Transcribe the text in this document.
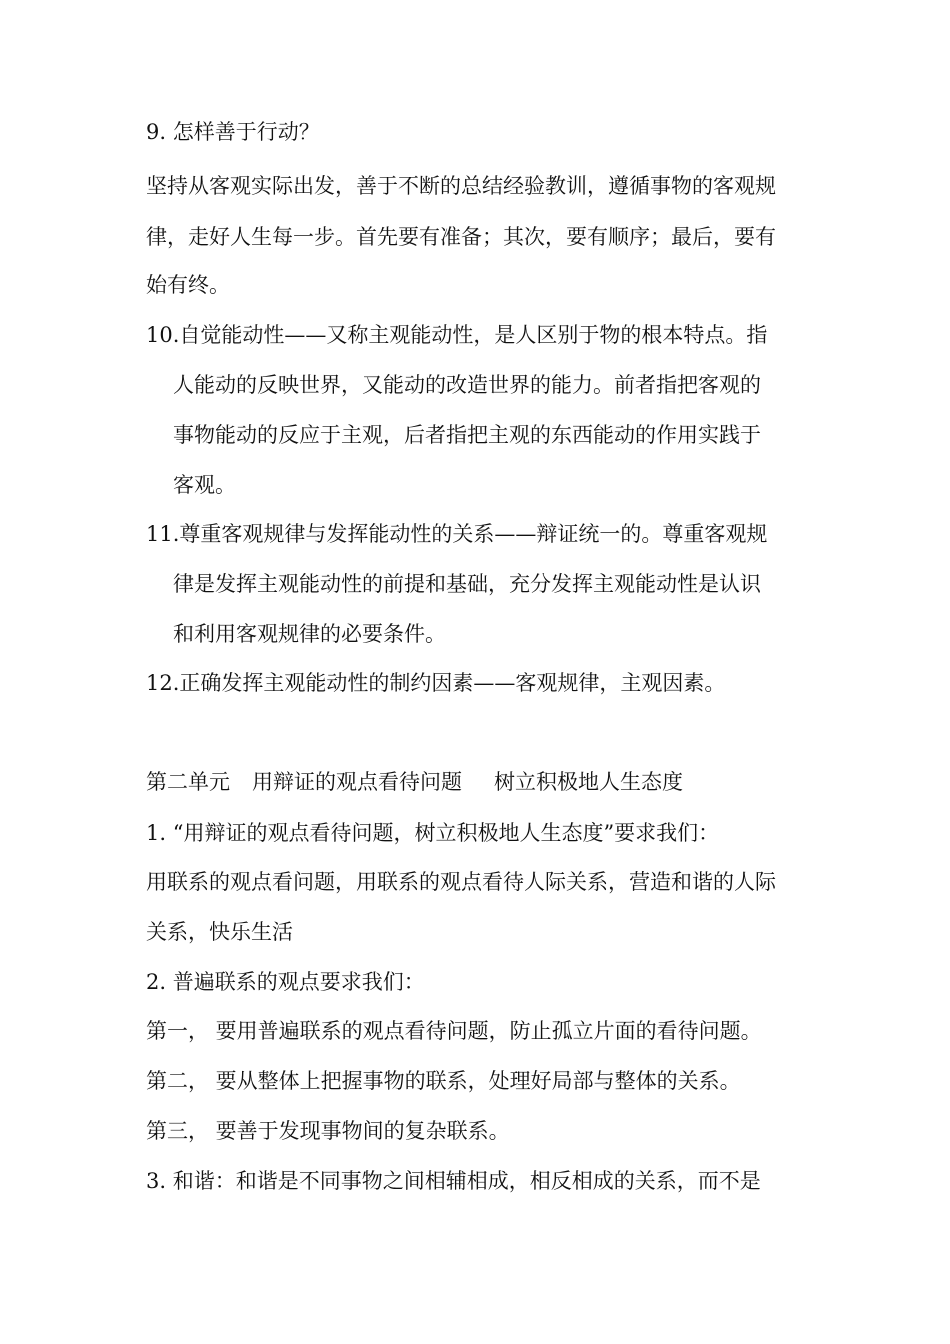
9. 怎样善于行动？
坚持从客观实际出发，善于不断的总结经验教训，遵循事物的客观规
律，走好人生每一步。首先要有准备；其次，要有顺序；最后，要有
始有终。
10.自觉能动性——又称主观能动性，是人区别于物的根本特点。指
人能动的反映世界，又能动的改造世界的能力。前者指把客观的
事物能动的反应于主观，后者指把主观的东西能动的作用实践于
客观。
11.尊重客观规律与发挥能动性的关系——辩证统一的。尊重客观规
律是发挥主观能动性的前提和基础，充分发挥主观能动性是认识
和利用客观规律的必要条件。
12.正确发挥主观能动性的制约因素——客观规律，主观因素。
第二单元 用辩证的观点看待问题 树立积极地人生态度
1. “用辩证的观点看待问题，树立积极地人生态度”要求我们：
用联系的观点看问题，用联系的观点看待人际关系，营造和谐的人际
关系，快乐生活
2. 普遍联系的观点要求我们：
第一， 要用普遍联系的观点看待问题，防止孤立片面的看待问题。
第二， 要从整体上把握事物的联系，处理好局部与整体的关系。
第三， 要善于发现事物间的复杂联系。
3. 和谐：和谐是不同事物之间相辅相成，相反相成的关系，而不是
